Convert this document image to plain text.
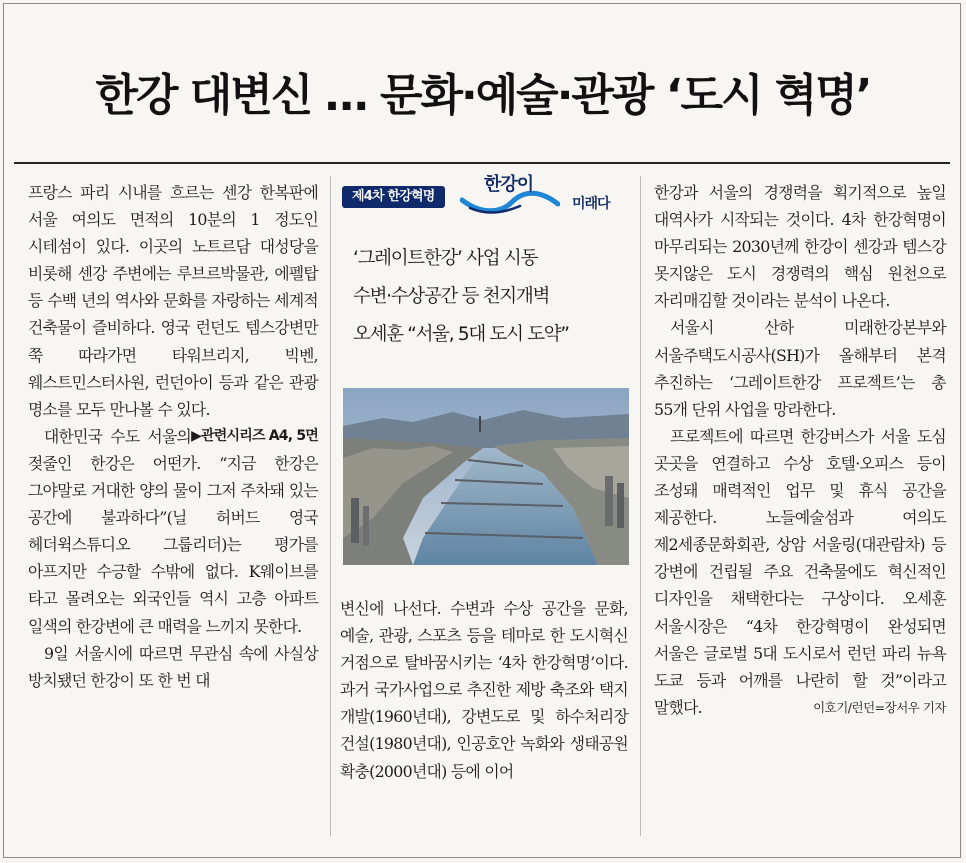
한강 대변신 … 문화·예술·관광 ‘도시 혁명’

프랑스 파리 시내를 흐르는 센강 한복판에 서울 여의도 면적의 10분의 1 정도인 시테섬이 있다. 이곳의 노트르담 대성당을 비롯해 센강 주변에는 루브르박물관, 에펠탑 등 수백 년의 역사와 문화를 자랑하는 세계적 건축물이 즐비하다. 영국 런던도 템스강변만 쭉 따라가면 타워브리지, 빅벤, 웨스트민스터사원, 런던아이 등과 같은 관광 명소를 모두 만나볼 수 있다.
▶관련시리즈 A4, 5면

대한민국 수도 서울의 젖줄인 한강은 어떤가. “지금 한강은 그야말로 거대한 양의 물이 그저 주차돼 있는 공간에 불과하다”(닐 허버드 영국 헤더윅스튜디오 그룹리더)는 평가를 아프지만 수긍할 수밖에 없다. K웨이브를 타고 몰려오는 외국인들 역시 고층 아파트 일색의 한강변에 큰 매력을 느끼지 못한다.

9일 서울시에 따르면 무관심 속에 사실상 방치됐던 한강이 또 한 번 대

제4차 한강혁명
한강이
미래다
‘그레이트한강’ 사업 시동
수변·수상공간 등 천지개벽
오세훈 “서울, 5대 도시 도약”

변신에 나선다. 수변과 수상 공간을 문화, 예술, 관광, 스포츠 등을 테마로 한 도시혁신 거점으로 탈바꿈시키는 ‘4차 한강혁명’이다. 과거 국가사업으로 추진한 제방 축조와 택지 개발(1960년대), 강변도로 및 하수처리장 건설(1980년대), 인공호안 녹화와 생태공원 확충(2000년대) 등에 이어

한강과 서울의 경쟁력을 획기적으로 높일 대역사가 시작되는 것이다. 4차 한강혁명이 마무리되는 2030년께 한강이 센강과 템스강 못지않은 도시 경쟁력의 핵심 원천으로 자리매김할 것이라는 분석이 나온다.

서울시 산하 미래한강본부와 서울주택도시공사(SH)가 올해부터 본격 추진하는 ‘그레이트한강 프로젝트’는 총 55개 단위 사업을 망라한다.

프로젝트에 따르면 한강버스가 서울 도심 곳곳을 연결하고 수상 호텔·오피스 등이 조성돼 매력적인 업무 및 휴식 공간을 제공한다. 노들예술섬과 여의도 제2세종문화회관, 상암 서울링(대관람차) 등 강변에 건립될 주요 건축물에도 혁신적인 디자인을 채택한다는 구상이다. 오세훈 서울시장은 “4차 한강혁명이 완성되면 서울은 글로벌 5대 도시로서 런던 파리 뉴욕 도쿄 등과 어깨를 나란히 할 것”이라고 말했다.	이호기/런던=장서우 기자
